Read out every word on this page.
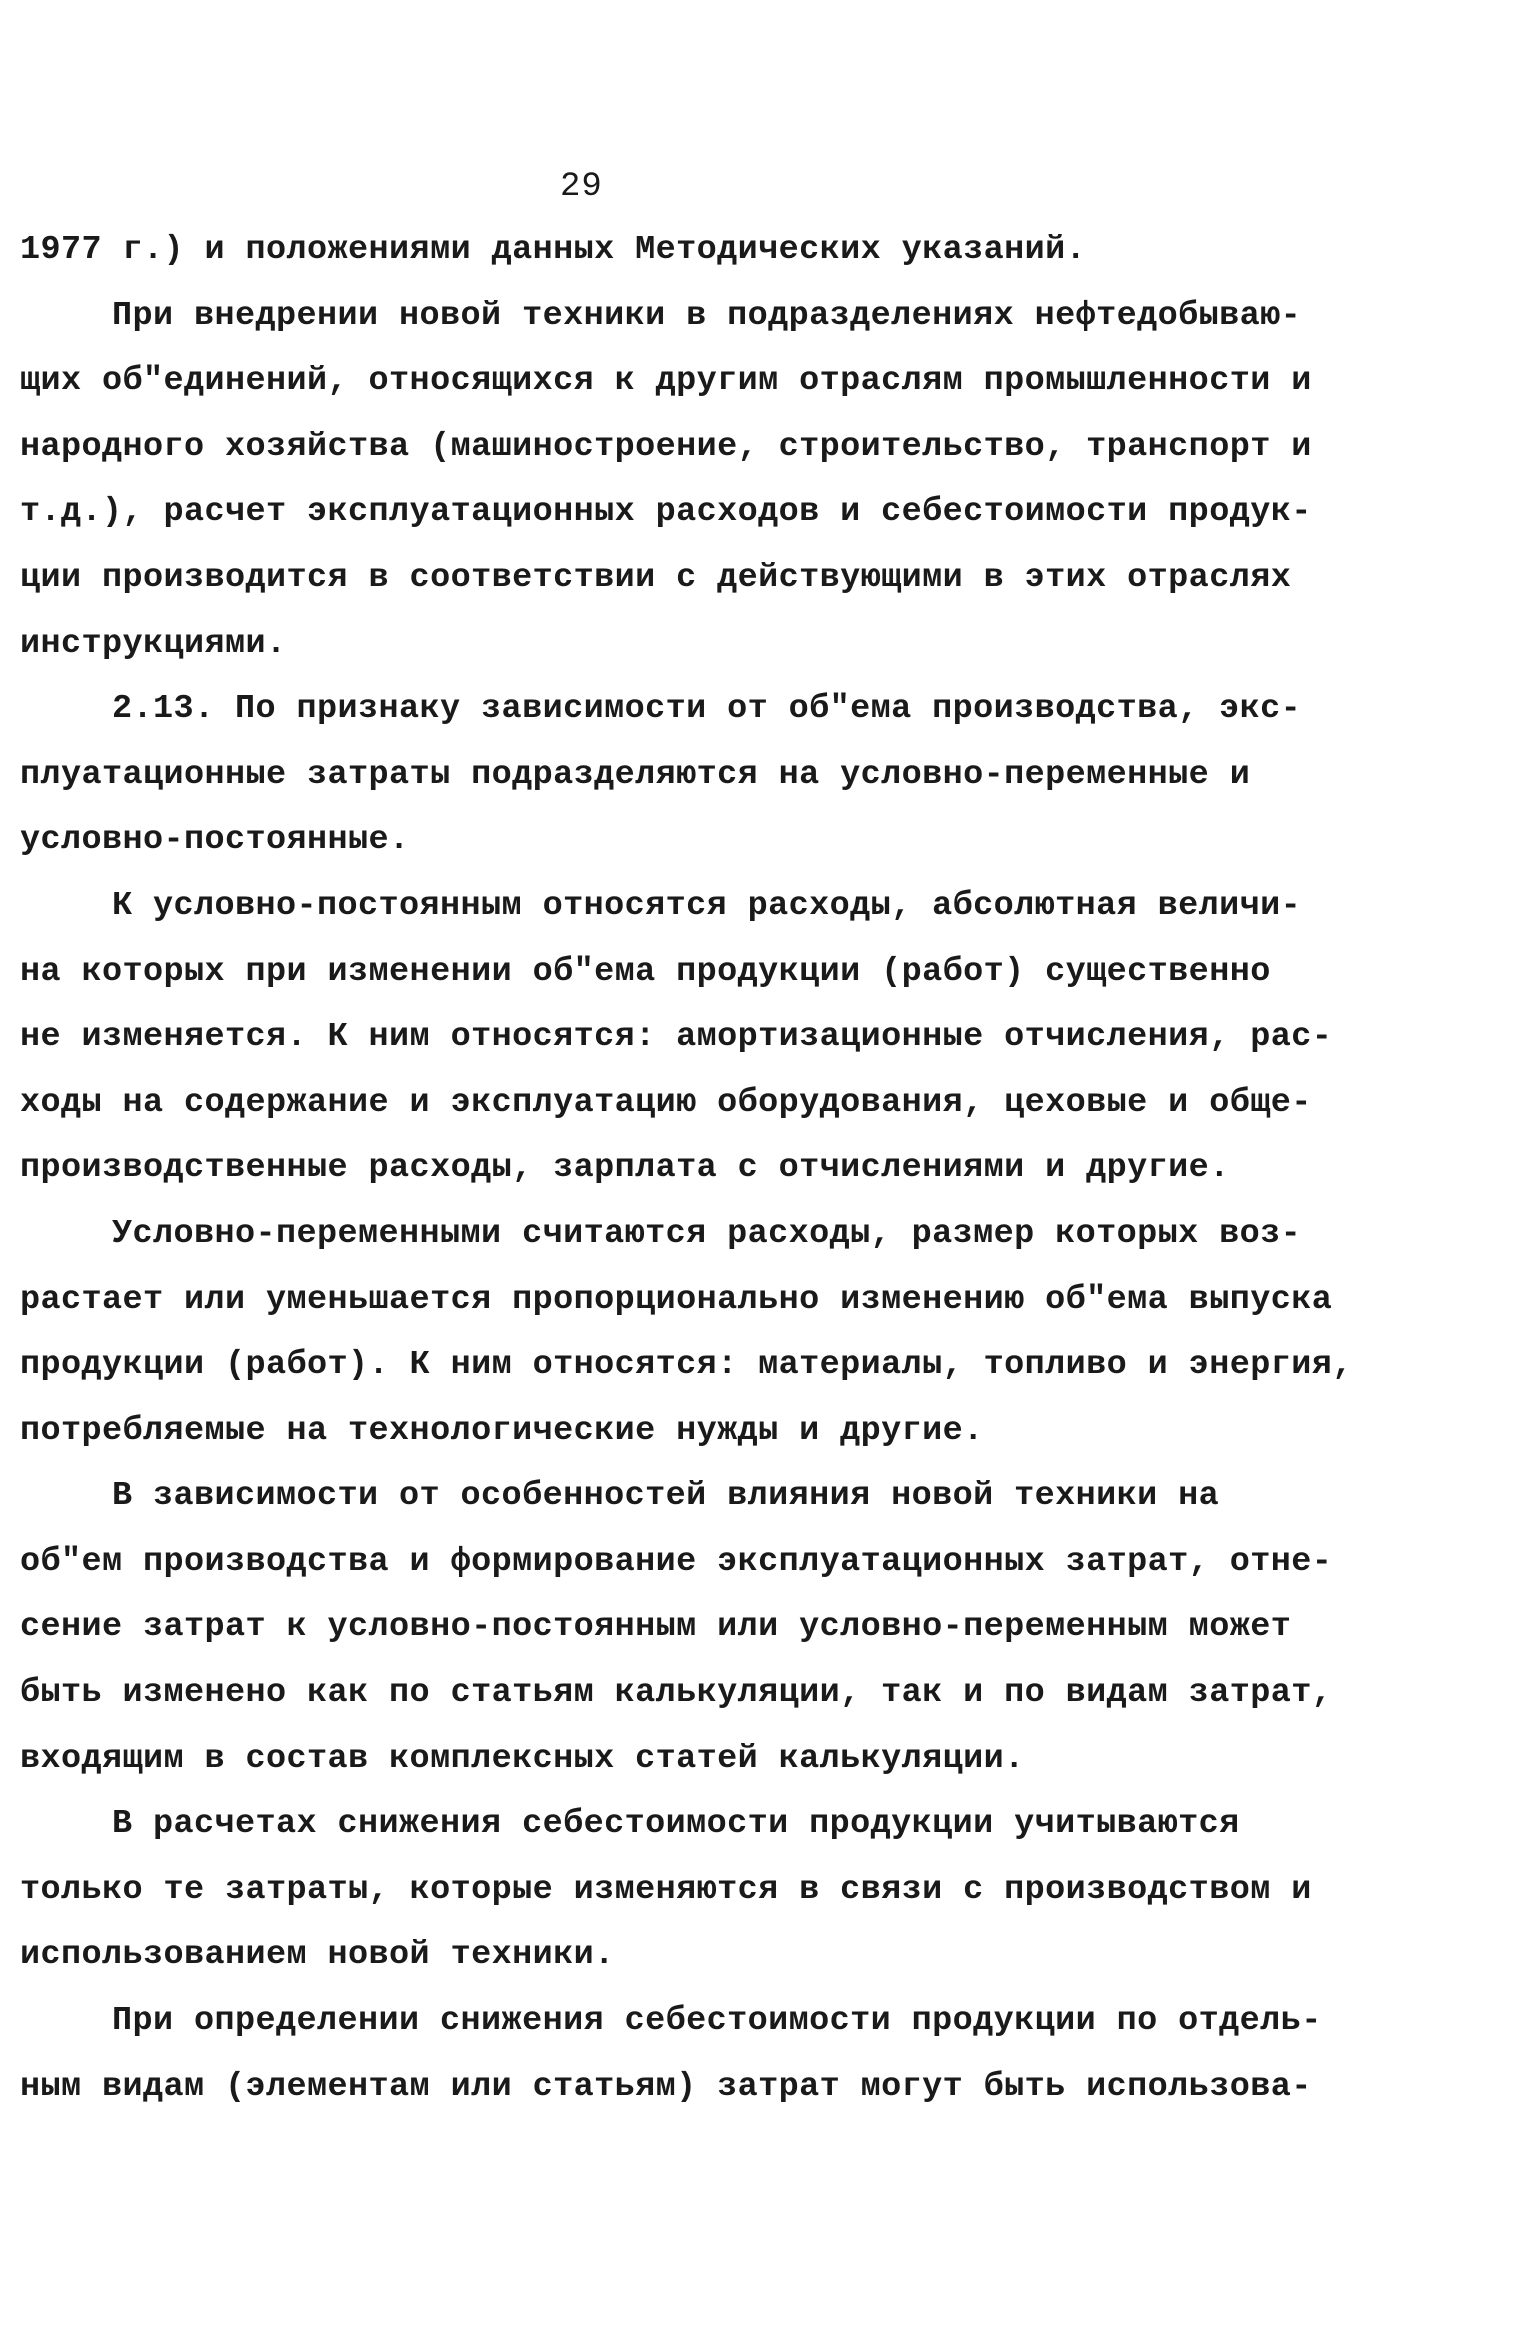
29
1977 г.) и положениями данных Методических указаний.
При внедрении новой техники в подразделениях нефтедобываю-
щих об"единений, относящихся к другим отраслям промышленности и
народного хозяйства (машиностроение, строительство, транспорт и
т.д.), расчет эксплуатационных расходов и себестоимости продук-
ции производится в соответствии с действующими в этих отраслях
инструкциями.
2.13. По признаку зависимости от об"ема производства, экс-
плуатационные затраты подразделяются на условно-переменные и
условно-постоянные.
К условно-постоянным относятся расходы, абсолютная величи-
на которых при изменении об"ема продукции (работ) существенно
не изменяется. К ним относятся: амортизационные отчисления, рас-
ходы на содержание и эксплуатацию оборудования, цеховые и обще-
производственные расходы, зарплата с отчислениями и другие.
Условно-переменными считаются расходы, размер которых воз-
растает или уменьшается пропорционально изменению об"ема выпуска
продукции (работ). К ним относятся: материалы, топливо и энергия,
потребляемые на технологические нужды и другие.
В зависимости от особенностей влияния новой техники на
об"ем производства и формирование эксплуатационных затрат, отне-
сение затрат к условно-постоянным или условно-переменным может
быть изменено как по статьям калькуляции, так и по видам затрат,
входящим в состав комплексных статей калькуляции.
В расчетах снижения себестоимости продукции учитываются
только те затраты, которые изменяются в связи с производством и
использованием новой техники.
При определении снижения себестоимости продукции по отдель-
ным видам (элементам или статьям) затрат могут быть использова-
